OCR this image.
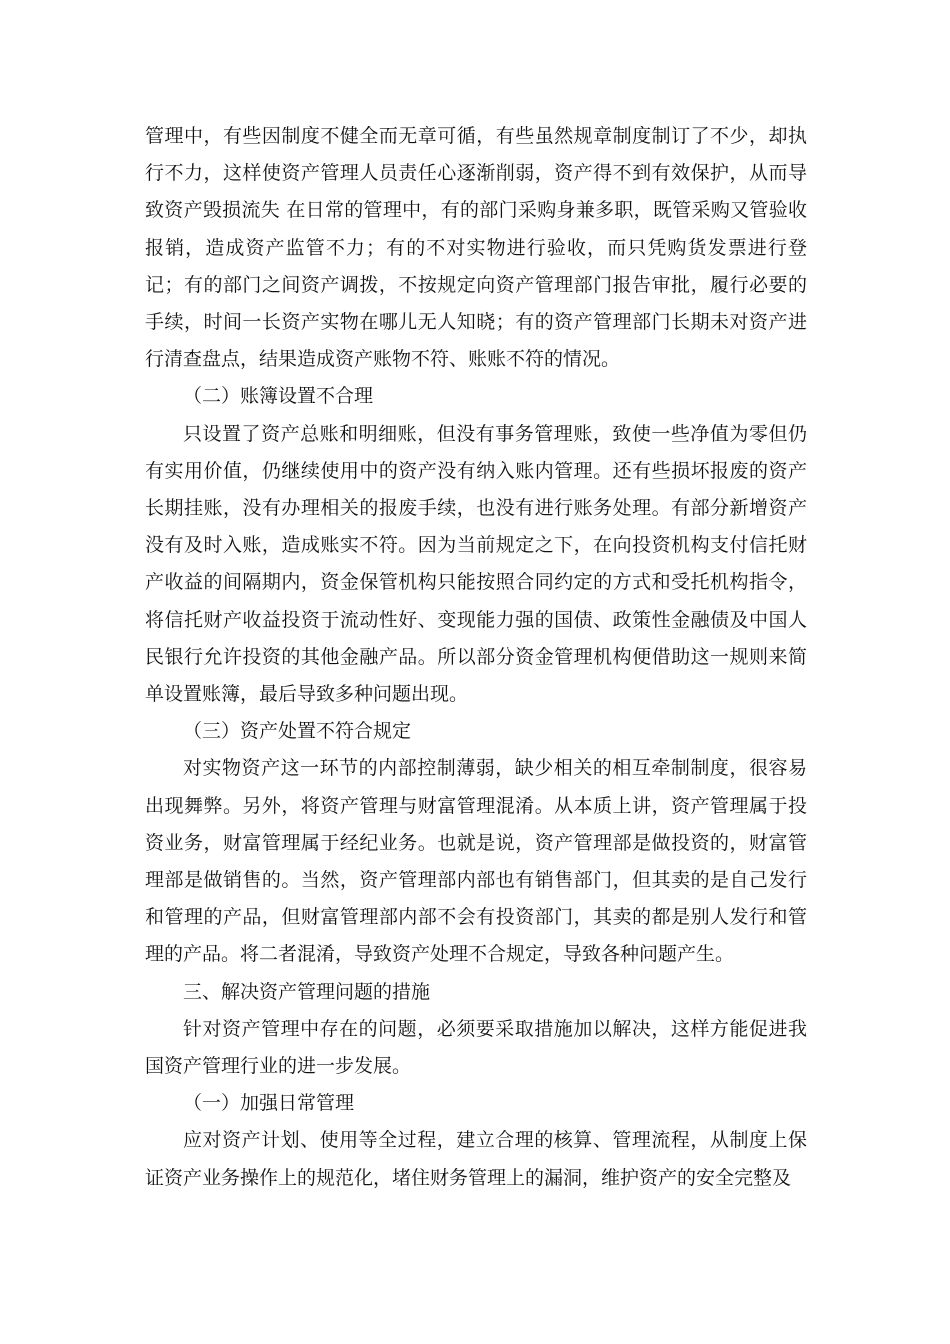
管理中，有些因制度不健全而无章可循，有些虽然规章制度制订了不少，却执行不力，这样使资产管理人员责任心逐渐削弱，资产得不到有效保护，从而导致资产毁损流失 在日常的管理中，有的部门采购身兼多职，既管采购又管验收报销，造成资产监管不力；有的不对实物进行验收，而只凭购货发票进行登记；有的部门之间资产调拨，不按规定向资产管理部门报告审批，履行必要的手续，时间一长资产实物在哪儿无人知晓；有的资产管理部门长期未对资产进行清查盘点，结果造成资产账物不符、账账不符的情况。

（二）账簿设置不合理

只设置了资产总账和明细账，但没有事务管理账，致使一些净值为零但仍有实用价值，仍继续使用中的资产没有纳入账内管理。还有些损坏报废的资产长期挂账，没有办理相关的报废手续，也没有进行账务处理。有部分新增资产没有及时入账，造成账实不符。因为当前规定之下，在向投资机构支付信托财产收益的间隔期内，资金保管机构只能按照合同约定的方式和受托机构指令，将信托财产收益投资于流动性好、变现能力强的国债、政策性金融债及中国人民银行允许投资的其他金融产品。所以部分资金管理机构便借助这一规则来简单设置账簿，最后导致多种问题出现。

（三）资产处置不符合规定

对实物资产这一环节的内部控制薄弱，缺少相关的相互牵制制度，很容易出现舞弊。另外，将资产管理与财富管理混淆。从本质上讲，资产管理属于投资业务，财富管理属于经纪业务。也就是说，资产管理部是做投资的，财富管理部是做销售的。当然，资产管理部内部也有销售部门，但其卖的是自己发行和管理的产品，但财富管理部内部不会有投资部门，其卖的都是别人发行和管理的产品。将二者混淆，导致资产处理不合规定，导致各种问题产生。

三、解决资产管理问题的措施

针对资产管理中存在的问题，必须要采取措施加以解决，这样方能促进我国资产管理行业的进一步发展。

（一）加强日常管理

应对资产计划、使用等全过程，建立合理的核算、管理流程，从制度上保证资产业务操作上的规范化，堵住财务管理上的漏洞，维护资产的安全完整及
